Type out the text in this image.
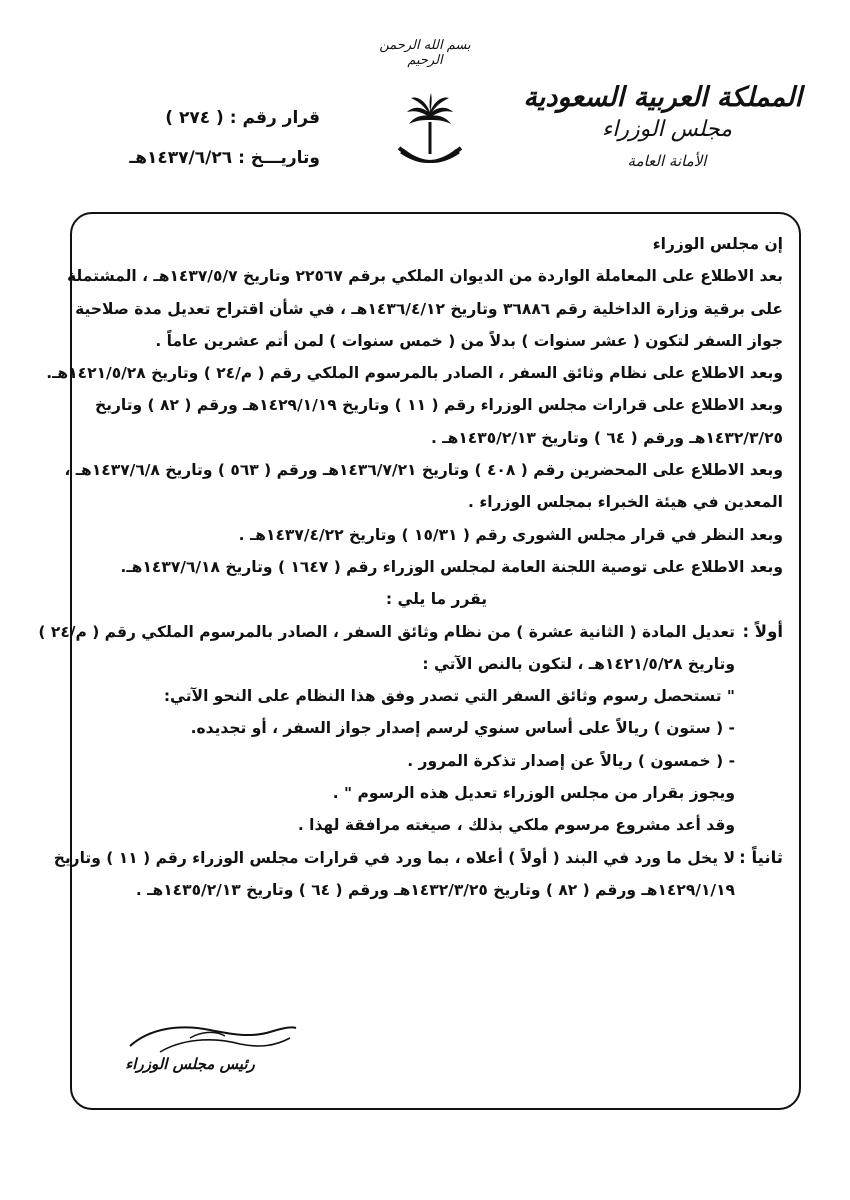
بسم الله الرحمن الرحيم
المملكة العربية السعودية
مجلس الوزراء
الأمانة العامة
قرار رقم :
( ٢٧٤ )
وتاريـــخ :
١٤٣٧/٦/٢٦هـ
إن مجلس الوزراء
بعد الاطلاع على المعاملة الواردة من الديوان الملكي برقم ٢٢٥٦٧ وتاريخ ١٤٣٧/٥/٧هـ ، المشتملة
على برقية وزارة الداخلية رقم ٣٦٨٨٦ وتاريخ ١٤٣٦/٤/١٢هـ ، في شأن اقتراح تعديل مدة صلاحية
جواز السفر لتكون ( عشر سنوات ) بدلاً من ( خمس سنوات ) لمن أتم عشرين عاماً .
وبعد الاطلاع على نظام وثائق السفر ، الصادر بالمرسوم الملكي رقم ( م/٢٤ ) وتاريخ ١٤٢١/٥/٢٨هـ.
وبعد الاطلاع على قرارات مجلس الوزراء رقم ( ١١ ) وتاريخ ١٤٢٩/١/١٩هـ ورقم ( ٨٢ ) وتاريخ
١٤٣٢/٣/٢٥هـ ورقم ( ٦٤ ) وتاريخ ١٤٣٥/٢/١٣هـ .
وبعد الاطلاع على المحضرين رقم ( ٤٠٨ ) وتاريخ ١٤٣٦/٧/٢١هـ ورقم ( ٥٦٣ ) وتاريخ ١٤٣٧/٦/٨هـ ،
المعدين في هيئة الخبراء بمجلس الوزراء .
وبعد النظر في قرار مجلس الشورى رقم ( ١٥/٣١ ) وتاريخ ١٤٣٧/٤/٢٢هـ .
وبعد الاطلاع على توصية اللجنة العامة لمجلس الوزراء رقم ( ١٦٤٧ ) وتاريخ ١٤٣٧/٦/١٨هـ.
يقرر ما يلي :
أولاً :
تعديل المادة ( الثانية عشرة ) من نظام وثائق السفر ، الصادر بالمرسوم الملكي رقم ( م/٢٤ )
وتاريخ ١٤٢١/٥/٢٨هـ ، لتكون بالنص الآتي :
" تستحصل رسوم وثائق السفر التي تصدر وفق هذا النظام على النحو الآتي:
- ( ستون ) ريالاً على أساس سنوي لرسم إصدار جواز السفر ، أو تجديده.
- ( خمسون ) ريالاً عن إصدار تذكرة المرور .
ويجوز بقرار من مجلس الوزراء تعديل هذه الرسوم " .
وقد أعد مشروع مرسوم ملكي بذلك ، صيغته مرافقة لهذا .
ثانياً :
لا يخل ما ورد في البند ( أولاً ) أعلاه ، بما ورد في قرارات مجلس الوزراء رقم ( ١١ ) وتاريخ
١٤٢٩/١/١٩هـ ورقم ( ٨٢ ) وتاريخ ١٤٣٢/٣/٢٥هـ ورقم ( ٦٤ ) وتاريخ ١٤٣٥/٢/١٣هـ .
رئيس مجلس الوزراء
